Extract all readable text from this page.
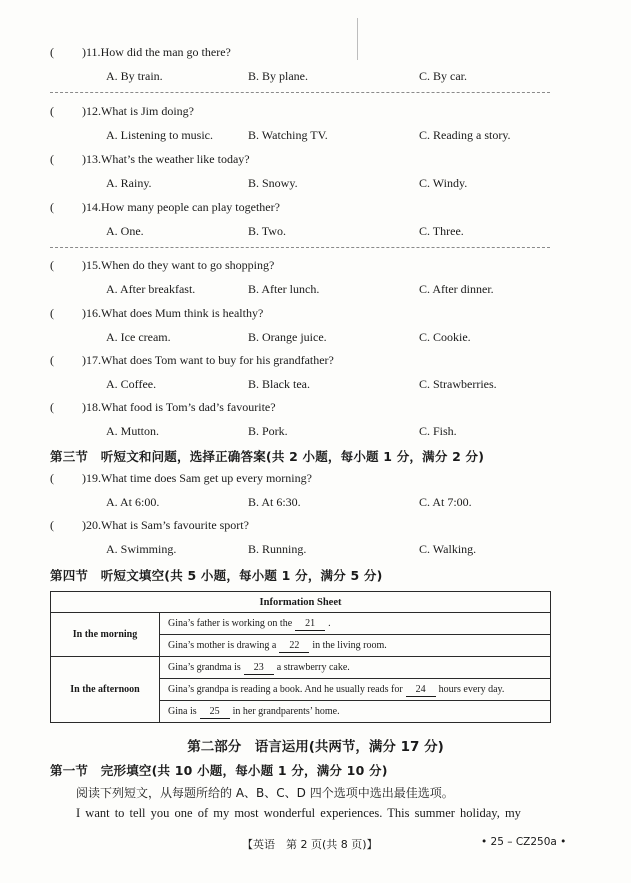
( )11.How did the man go there?
A. By train.	B. By plane.	C. By car.
( )12.What is Jim doing?
A. Listening to music.	B. Watching TV.	C. Reading a story.
( )13.What’s the weather like today?
A. Rainy.	B. Snowy.	C. Windy.
( )14.How many people can play together?
A. One.	B. Two.	C. Three.
( )15.When do they want to go shopping?
A. After breakfast.	B. After lunch.	C. After dinner.
( )16.What does Mum think is healthy?
A. Ice cream.	B. Orange juice.	C. Cookie.
( )17.What does Tom want to buy for his grandfather?
A. Coffee.	B. Black tea.	C. Strawberries.
( )18.What food is Tom’s dad’s favourite?
A. Mutton.	B. Pork.	C. Fish.
第三节　听短文和问题，选择正确答案(共 2 小题，每小题 1 分，满分 2 分)
( )19.What time does Sam get up every morning?
A. At 6:00.	B. At 6:30.	C. At 7:00.
( )20.What is Sam’s favourite sport?
A. Swimming.	B. Running.	C. Walking.
第四节　听短文填空(共 5 小题，每小题 1 分，满分 5 分)
Information Sheet	
In the morning	Gina’s father is working on the 21 .
Gina’s mother is drawing a 22 in the living room.

In the afternoon	Gina’s grandma is 23 a strawberry cake.
Gina’s grandpa is reading a book. And he usually reads for 24 hours every day.
Gina is 25 in her grandparents’ home.
第二部分　语言运用(共两节，满分 17 分)
第一节　完形填空(共 10 小题，每小题 1 分，满分 10 分)
阅读下列短文，从每题所给的 A、B、C、D 四个选项中选出最佳选项。
I want to tell you one of my most wonderful experiences. This summer holiday, my
【英语　第 2 页(共 8 页)】	• 25 – CZ250a •
